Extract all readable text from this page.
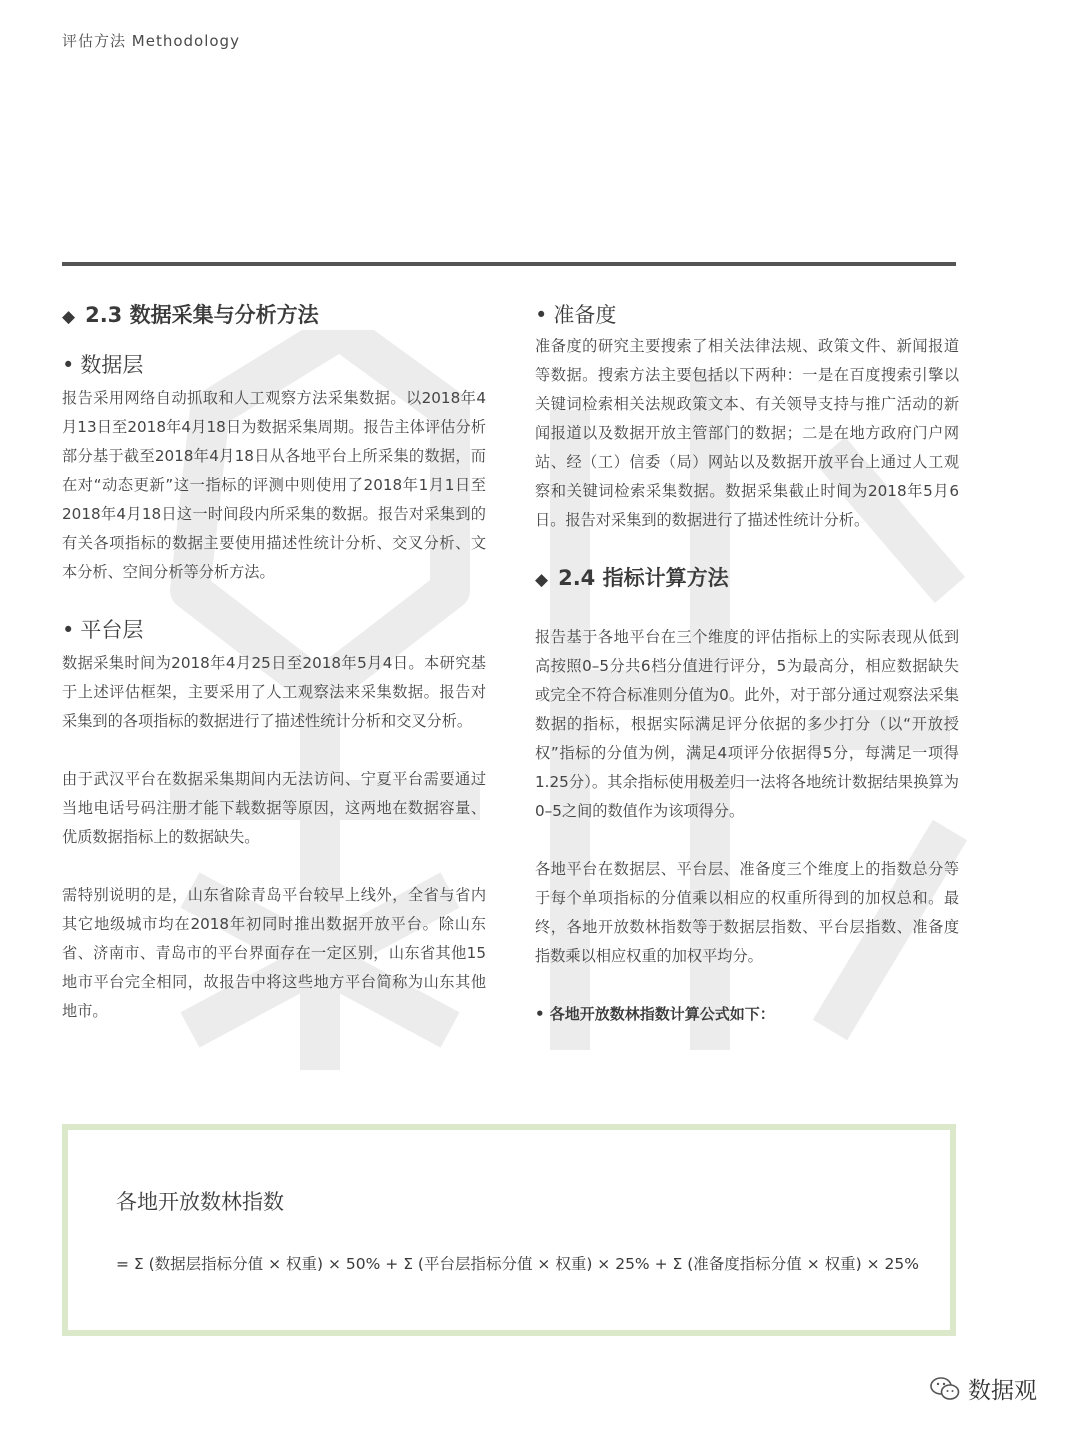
评估方法 Methodology
◆ 2.3 数据采集与分析方法
• 数据层

报告采用网络自动抓取和人工观察方法采集数据。以2018年4月13日至2018年4月18日为数据采集周期。报告主体评估分析部分基于截至2018年4月18日从各地平台上所采集的数据，而在对“动态更新”这一指标的评测中则使用了2018年1月1日至2018年4月18日这一时间段内所采集的数据。报告对采集到的有关各项指标的数据主要使用描述性统计分析、交叉分析、文本分析、空间分析等分析方法。

• 平台层

数据采集时间为2018年4月25日至2018年5月4日。本研究基于上述评估框架，主要采用了人工观察法来采集数据。报告对采集到的各项指标的数据进行了描述性统计分析和交叉分析。

由于武汉平台在数据采集期间内无法访问、宁夏平台需要通过当地电话号码注册才能下载数据等原因，这两地在数据容量、优质数据指标上的数据缺失。

需特别说明的是，山东省除青岛平台较早上线外，全省与省内其它地级城市均在2018年初同时推出数据开放平台。除山东省、济南市、青岛市的平台界面存在一定区别，山东省其他15地市平台完全相同，故报告中将这些地方平台简称为山东其他地市。

• 准备度

准备度的研究主要搜索了相关法律法规、政策文件、新闻报道等数据。搜索方法主要包括以下两种：一是在百度搜索引擎以关键词检索相关法规政策文本、有关领导支持与推广活动的新闻报道以及数据开放主管部门的数据；二是在地方政府门户网站、经（工）信委（局）网站以及数据开放平台上通过人工观察和关键词检索采集数据。数据采集截止时间为2018年5月6日。报告对采集到的数据进行了描述性统计分析。

◆ 2.4 指标计算方法

报告基于各地平台在三个维度的评估指标上的实际表现从低到高按照0–5分共6档分值进行评分，5为最高分，相应数据缺失或完全不符合标准则分值为0。此外，对于部分通过观察法采集数据的指标，根据实际满足评分依据的多少打分（以“开放授权”指标的分值为例，满足4项评分依据得5分，每满足一项得1.25分）。其余指标使用极差归一法将各地统计数据结果换算为0–5之间的数值作为该项得分。

各地平台在数据层、平台层、准备度三个维度上的指数总分等于每个单项指标的分值乘以相应的权重所得到的加权总和。最终，各地开放数林指数等于数据层指数、平台层指数、准备度指数乘以相应权重的加权平均分。

• 各地开放数林指数计算公式如下：

各地开放数林指数
= Σ (数据层指标分值 × 权重) × 50% + Σ (平台层指标分值 × 权重) × 25% + Σ (准备度指标分值 × 权重) × 25%
数据观
